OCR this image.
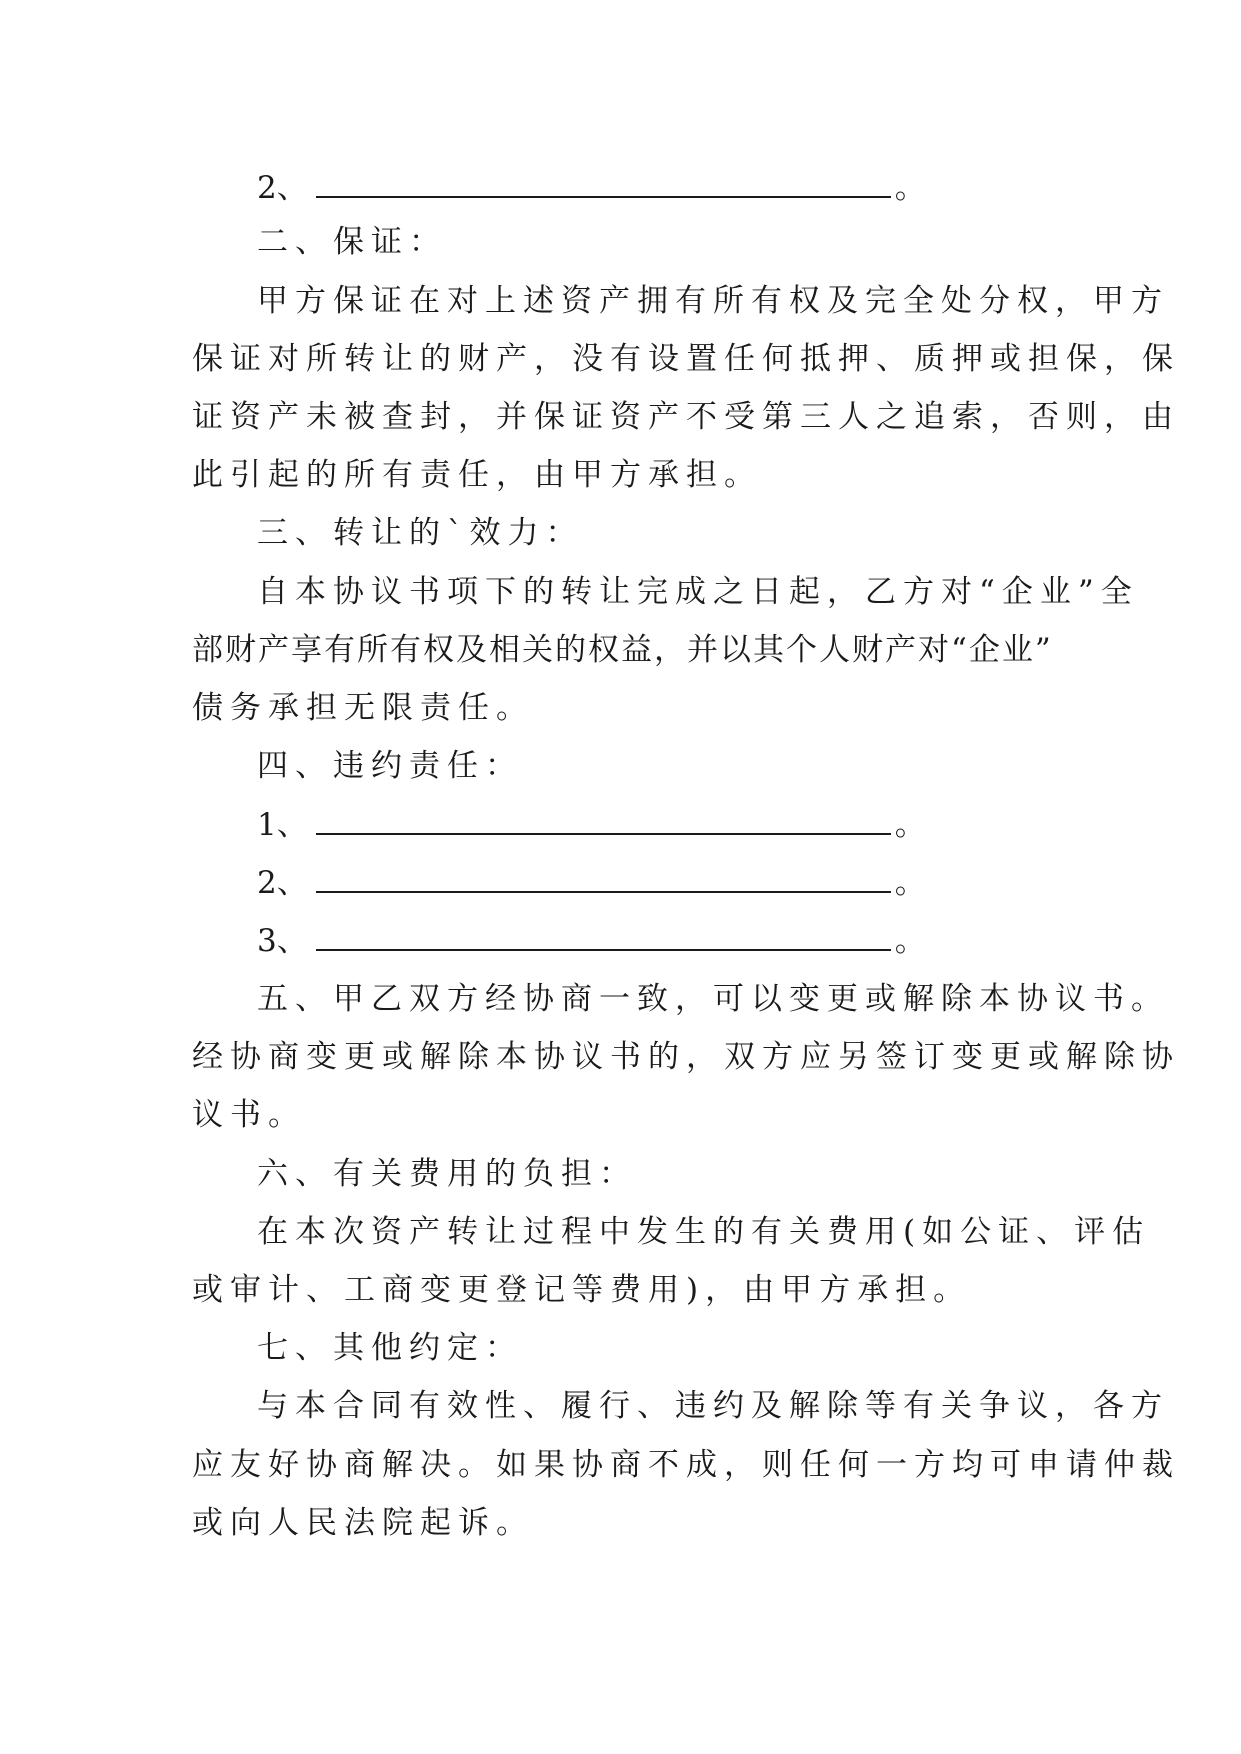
2、	。
二、保证：
甲方保证在对上述资产拥有所有权及完全处分权，甲方
保证对所转让的财产，没有设置任何抵押、质押或担保，保
证资产未被查封，并保证资产不受第三人之追索，否则，由
此引起的所有责任，由甲方承担。
三、转让的`效力：
自本协议书项下的转让完成之日起，乙方对“企业”全
部财产享有所有权及相关的权益，并以其个人财产对“企业”
债务承担无限责任。
四、违约责任：
1、	。
2、	。
3、	。
五、甲乙双方经协商一致，可以变更或解除本协议书。
经协商变更或解除本协议书的，双方应另签订变更或解除协
议书。
六、有关费用的负担：
在本次资产转让过程中发生的有关费用(如公证、评估
或审计、工商变更登记等费用)，由甲方承担。
七、其他约定：
与本合同有效性、履行、违约及解除等有关争议，各方
应友好协商解决。如果协商不成，则任何一方均可申请仲裁
或向人民法院起诉。
